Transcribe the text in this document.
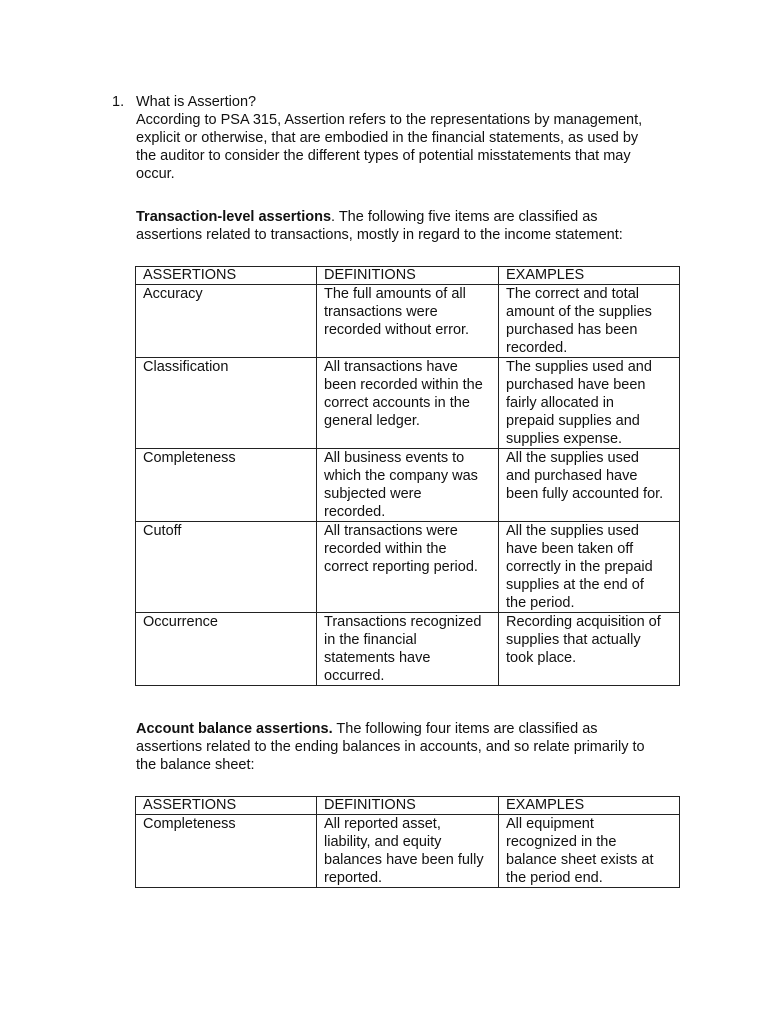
1. What is Assertion?
According to PSA 315, Assertion refers to the representations by management,
explicit or otherwise, that are embodied in the financial statements, as used by
the auditor to consider the different types of potential misstatements that may
occur.
Transaction-level assertions. The following five items are classified as
assertions related to transactions, mostly in regard to the income statement:
ASSERTIONS	DEFINITIONS	EXAMPLES
Accuracy	The full amounts of all
transactions were
recorded without error.	The correct and total
amount of the supplies
purchased has been
recorded.

Classification	All transactions have
been recorded within the
correct accounts in the
general ledger.	The supplies used and
purchased have been
fairly allocated in
prepaid supplies and
supplies expense.

Completeness	All business events to
which the company was
subjected were
recorded.	All the supplies used
and purchased have
been fully accounted for.

Cutoff	All transactions were
recorded within the
correct reporting period.	All the supplies used
have been taken off
correctly in the prepaid
supplies at the end of
the period.

Occurrence	Transactions recognized
in the financial
statements have
occurred.	Recording acquisition of
supplies that actually
took place.
Account balance assertions. The following four items are classified as
assertions related to the ending balances in accounts, and so relate primarily to
the balance sheet:
ASSERTIONS	DEFINITIONS	EXAMPLES
Completeness	All reported asset,
liability, and equity
balances have been fully
reported.	All equipment
recognized in the
balance sheet exists at
the period end.
